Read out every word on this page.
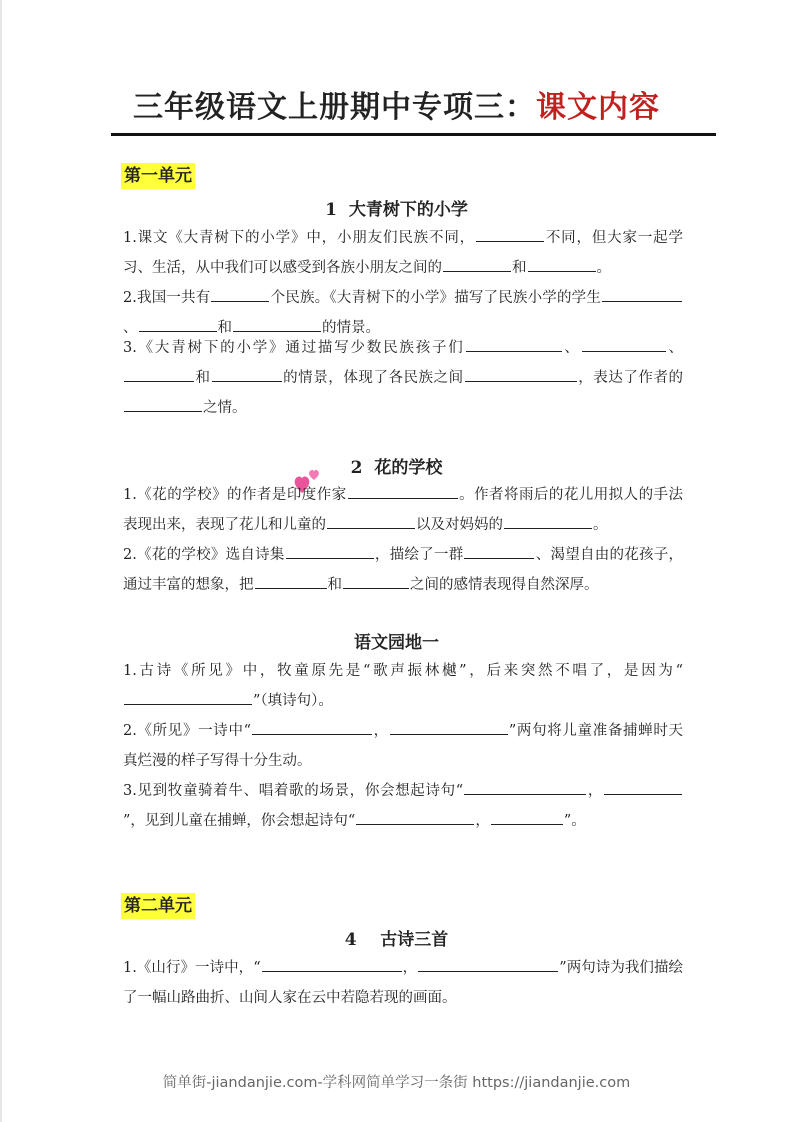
三年级语文上册期中专项三：课文内容
第一单元
1  大青树下的小学
1.课文《大青树下的小学》中，小朋友们民族不同，	不同，但大家一起学习、生活，从中我们可以感受到各族小朋友之间的	和	。
2.我国一共有	个民族。《大青树下的小学》描写了民族小学的学生、	和	的情景。
3.《大青树下的小学》通过描写少数民族孩子们	、	、和	的情景，体现了各民族之间	，表达了作者的之情。
2  花的学校
1.《花的学校》的作者是印度作家	。作者将雨后的花儿用拟人的手法表现出来，表现了花儿和儿童的	以及对妈妈的	。
2.《花的学校》选自诗集	，描绘了一群	、渴望自由的花孩子，通过丰富的想象，把	和	之间的感情表现得自然深厚。
语文园地一
1.古诗《所见》中，牧童原先是“歌声振林樾”，后来突然不唱了，是因为“”（填诗句）。
2.《所见》一诗中“	，	”两句将儿童准备捕蝉时天真烂漫的样子写得十分生动。
3.见到牧童骑着牛、唱着歌的场景，你会想起诗句“	，”，见到儿童在捕蝉，你会想起诗句“	，	”。
第二单元
4    古诗三首
1.《山行》一诗中，“	，	”两句诗为我们描绘了一幅山路曲折、山间人家在云中若隐若现的画面。
简单街-jiandanjie.com-学科网简单学习一条街 https://jiandanjie.com
